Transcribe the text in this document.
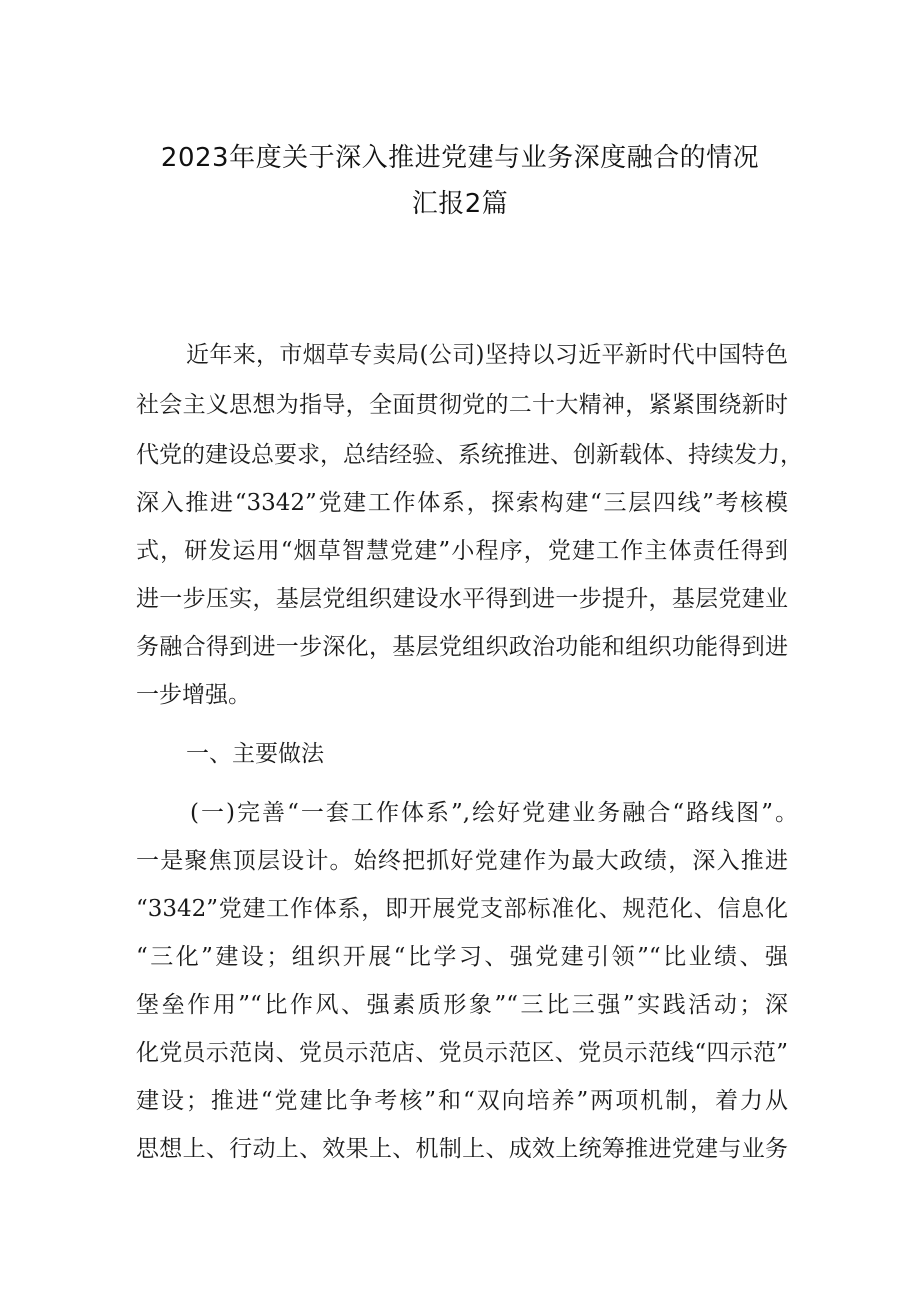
2023年度关于深入推进党建与业务深度融合的情况
汇报2篇
近年来，市烟草专卖局(公司)坚持以习近平新时代中国特色
社会主义思想为指导，全面贯彻党的二十大精神，紧紧围绕新时
代党的建设总要求，总结经验、系统推进、创新载体、持续发力，
深入推进“3342”党建工作体系，探索构建“三层四线”考核模
式，研发运用“烟草智慧党建”小程序，党建工作主体责任得到
进一步压实，基层党组织建设水平得到进一步提升，基层党建业
务融合得到进一步深化，基层党组织政治功能和组织功能得到进
一步增强。
一、主要做法
(一)完善“一套工作体系”,绘好党建业务融合“路线图”。
一是聚焦顶层设计。始终把抓好党建作为最大政绩，深入推进
“3342”党建工作体系，即开展党支部标准化、规范化、信息化
“三化”建设；组织开展“比学习、强党建引领”“比业绩、强
堡垒作用”“比作风、强素质形象”“三比三强”实践活动；深
化党员示范岗、党员示范店、党员示范区、党员示范线“四示范”
建设；推进“党建比争考核”和“双向培养”两项机制，着力从
思想上、行动上、效果上、机制上、成效上统筹推进党建与业务
